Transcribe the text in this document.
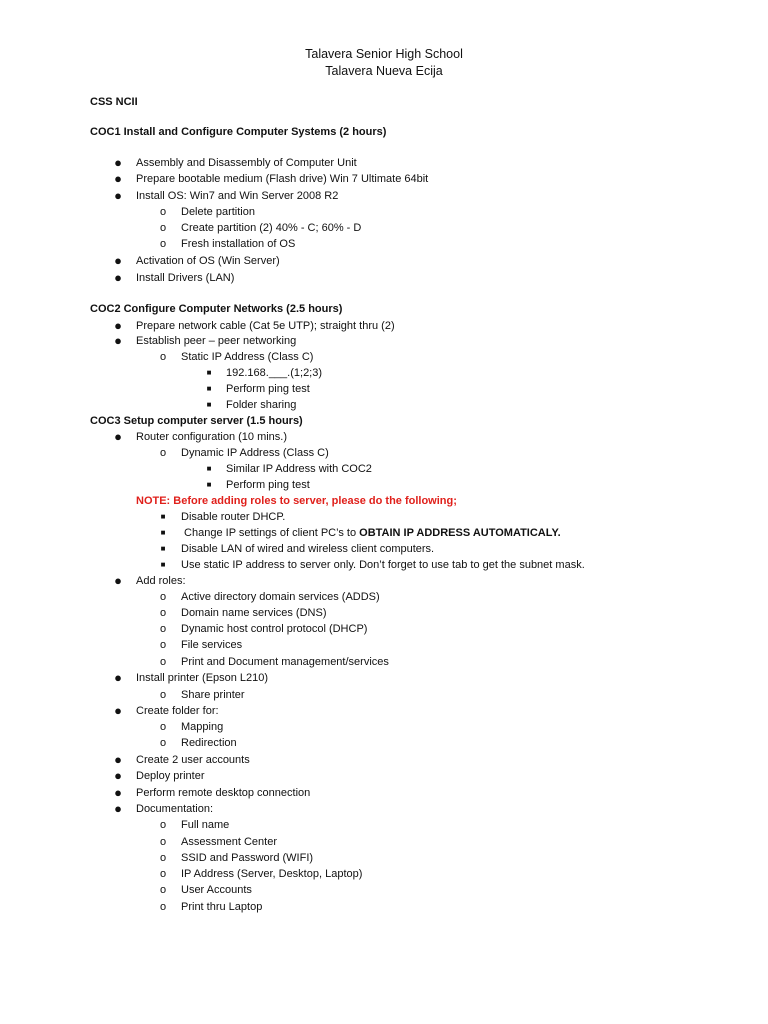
Talavera Senior High School
Talavera Nueva Ecija
CSS NCII
COC1 Install and Configure Computer Systems (2 hours)
● Assembly and Disassembly of Computer Unit
● Prepare bootable medium (Flash drive) Win 7 Ultimate 64bit
● Install OS: Win7 and Win Server 2008 R2
o Delete partition
o Create partition (2) 40% - C; 60% - D
o Fresh installation of OS
● Activation of OS (Win Server)
● Install Drivers (LAN)
COC2 Configure Computer Networks (2.5 hours)
● Prepare network cable (Cat 5e UTP); straight thru (2)
● Establish peer – peer networking
o Static IP Address (Class C)
■	192.168.___.(1;2;3)
■	Perform ping test
■	Folder sharing
COC3 Setup computer server (1.5 hours)
● Router configuration (10 mins.)
o Dynamic IP Address (Class C)
■	Similar IP Address with COC2
■	Perform ping test
NOTE: Before adding roles to server, please do the following;
■	Disable router DHCP.
■	Change IP settings of client PC’s to OBTAIN IP ADDRESS AUTOMATICALY.
■	Disable LAN of wired and wireless client computers.
■	Use static IP address to server only. Don’t forget to use tab to get the subnet mask.
● Add roles:
o Active directory domain services (ADDS)
o Domain name services (DNS)
o Dynamic host control protocol (DHCP)
o File services
o Print and Document management/services
● Install printer (Epson L210)
o Share printer
● Create folder for:
o Mapping
o Redirection
● Create 2 user accounts
● Deploy printer
● Perform remote desktop connection
● Documentation:
o Full name
o Assessment Center
o SSID and Password (WIFI)
o IP Address (Server, Desktop, Laptop)
o User Accounts
o Print thru Laptop
